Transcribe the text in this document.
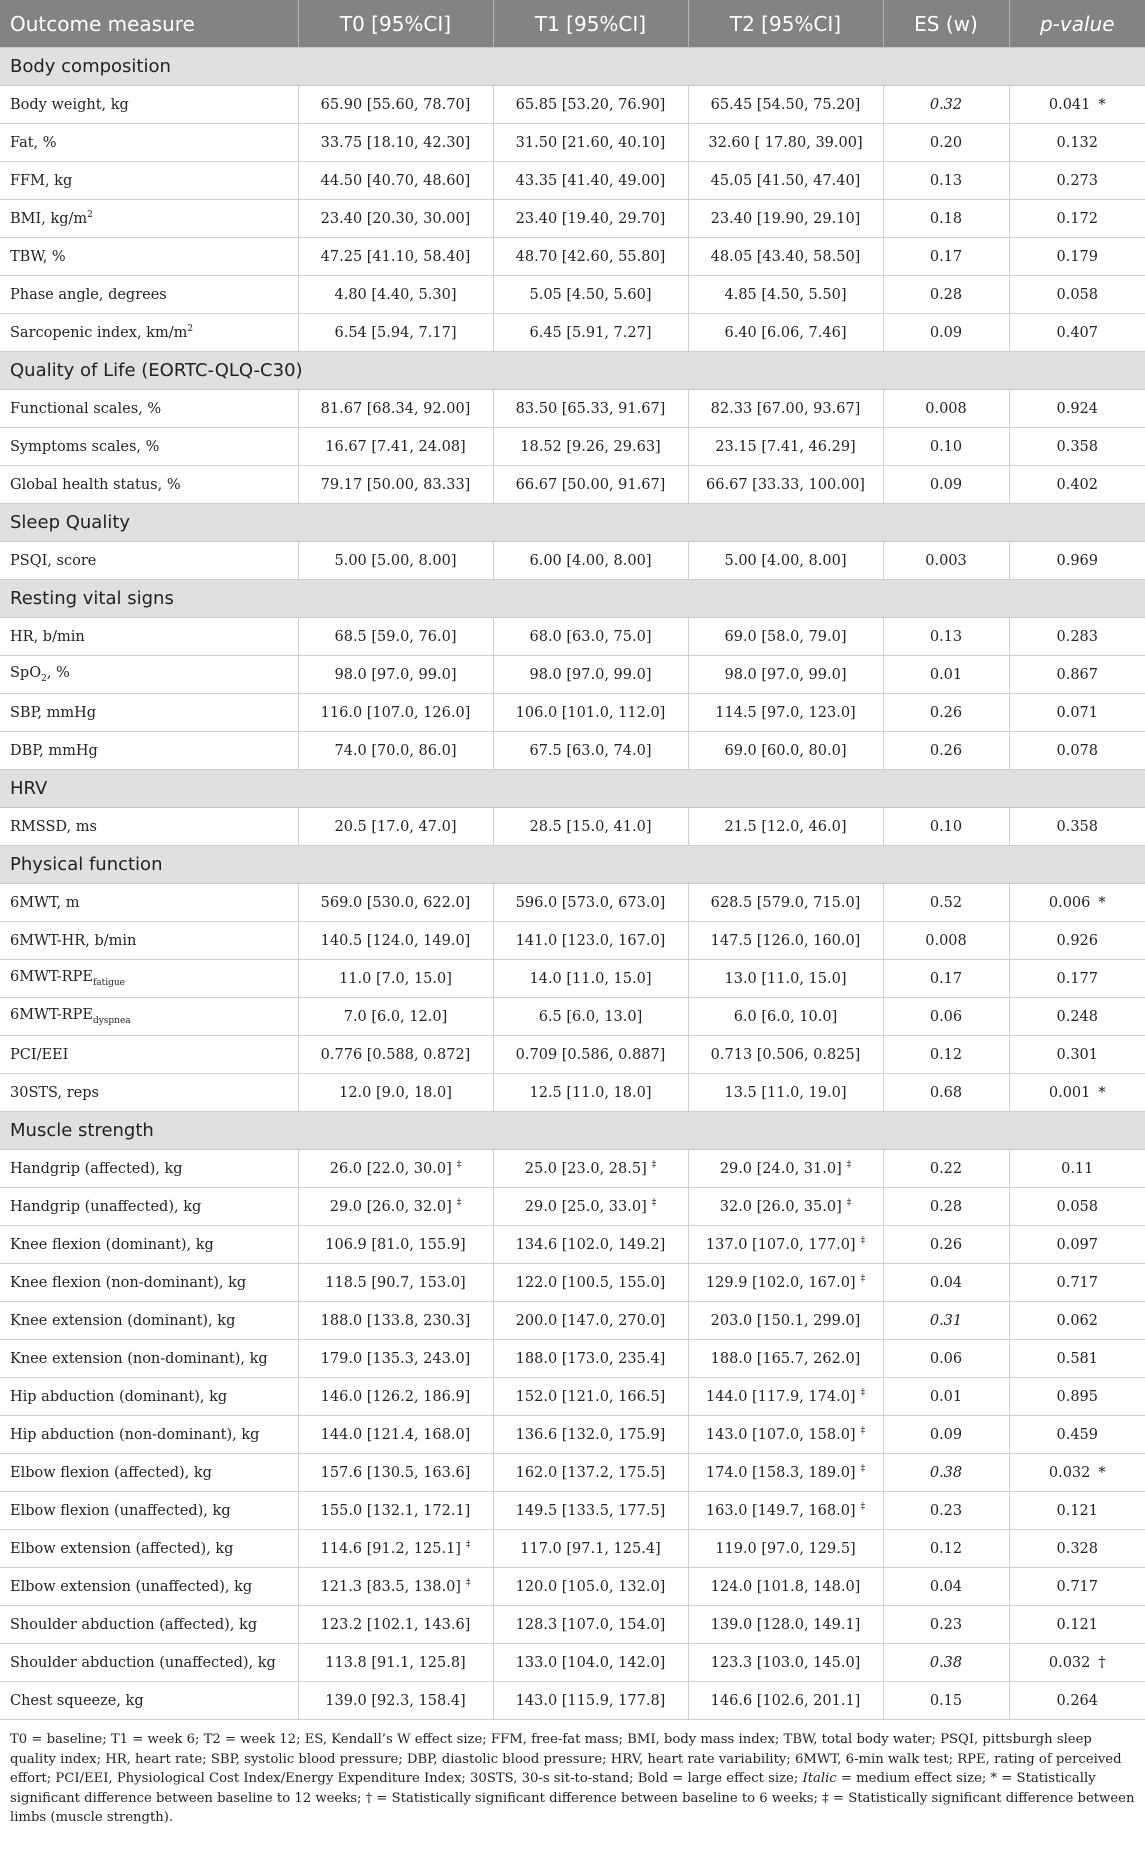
Outcome measure	T0 [95%CI]	T1 [95%CI]	T2 [95%CI]	ES (w)	p-value
Body composition					
Body weight, kg	65.90 [55.60, 78.70]	65.85 [53.20, 76.90]	65.45 [54.50, 75.20]	0.32	0.041 *
Fat, %	33.75 [18.10, 42.30]	31.50 [21.60, 40.10]	32.60 [ 17.80, 39.00]	0.20	0.132
FFM, kg	44.50 [40.70, 48.60]	43.35 [41.40, 49.00]	45.05 [41.50, 47.40]	0.13	0.273
BMI, $kg/m^2$	23.40 [20.30, 30.00]	23.40 [19.40, 29.70]	23.40 [19.90, 29.10]	0.18	0.172
TBW, %	47.25 [41.10, 58.40]	48.70 [42.60, 55.80]	48.05 [43.40, 58.50]	0.17	0.179
Phase angle, degrees	4.80 [4.40, 5.30]	5.05 [4.50, 5.60]	4.85 [4.50, 5.50]	0.28	0.058
Sarcopenic index, $km/m^2$	6.54 [5.94, 7.17]	6.45 [5.91, 7.27]	6.40 [6.06, 7.46]	0.09	0.407
Quality of Life (EORTC-QLQ-C30)					
Functional scales, %	81.67 [68.34, 92.00]	83.50 [65.33, 91.67]	82.33 [67.00, 93.67]	0.008	0.924
Symptoms scales, %	16.67 [7.41, 24.08]	18.52 [9.26, 29.63]	23.15 [7.41, 46.29]	0.10	0.358
Global health status, %	79.17 [50.00, 83.33]	66.67 [50.00, 91.67]	66.67 [33.33, 100.00]	0.09	0.402
Sleep Quality					
PSQI, score	5.00 [5.00, 8.00]	6.00 [4.00, 8.00]	5.00 [4.00, 8.00]	0.003	0.969
Resting vital signs					
HR, b/min	68.5 [59.0, 76.0]	68.0 [63.0, 75.0]	69.0 [58.0, 79.0]	0.13	0.283
SpO$_2$, %	98.0 [97.0, 99.0]	98.0 [97.0, 99.0]	98.0 [97.0, 99.0]	0.01	0.867
SBP, mmHg	116.0 [107.0, 126.0]	106.0 [101.0, 112.0]	114.5 [97.0, 123.0]	0.26	0.071
DBP, mmHg	74.0 [70.0, 86.0]	67.5 [63.0, 74.0]	69.0 [60.0, 80.0]	0.26	0.078
HRV					
RMSSD, ms	20.5 [17.0, 47.0]	28.5 [15.0, 41.0]	21.5 [12.0, 46.0]	0.10	0.358
Physical function					
6MWT, m	569.0 [530.0, 622.0]	596.0 [573.0, 673.0]	628.5 [579.0, 715.0]	0.52	0.006 *
6MWT-HR, b/min	140.5 [124.0, 149.0]	141.0 [123.0, 167.0]	147.5 [126.0, 160.0]	0.008	0.926
$6MWT-RPE_{fatigue}$	11.0 [7.0, 15.0]	14.0 [11.0, 15.0]	13.0 [11.0, 15.0]	0.17	0.177
$6MWT-RPE_{dyspnea}$	7.0 [6.0, 12.0]	6.5 [6.0, 13.0]	6.0 [6.0, 10.0]	0.06	0.248
PCI/EEI	0.776 [0.588, 0.872]	0.709 [0.586, 0.887]	0.713 [0.506, 0.825]	0.12	0.301
30STS, reps	12.0 [9.0, 18.0]	12.5 [11.0, 18.0]	13.5 [11.0, 19.0]	0.68	0.001 *
Muscle strength					
Handgrip (affected), kg	26.0 [22.0, 30.0] ‡	25.0 [23.0, 28.5] ‡	29.0 [24.0, 31.0] ‡	0.22	0.11
Handgrip (unaffected), kg	29.0 [26.0, 32.0] ‡	29.0 [25.0, 33.0] ‡	32.0 [26.0, 35.0] ‡	0.28	0.058
Knee flexion (dominant), kg	106.9 [81.0, 155.9]	134.6 [102.0, 149.2]	137.0 [107.0, 177.0] ‡	0.26	0.097
Knee flexion (non-dominant), kg	118.5 [90.7, 153.0]	122.0 [100.5, 155.0]	129.9 [102.0, 167.0] ‡	0.04	0.717
Knee extension (dominant), kg	188.0 [133.8, 230.3]	200.0 [147.0, 270.0]	203.0 [150.1, 299.0]	0.31	0.062
Knee extension (non-dominant), kg	179.0 [135.3, 243.0]	188.0 [173.0, 235.4]	188.0 [165.7, 262.0]	0.06	0.581
Hip abduction (dominant), kg	146.0 [126.2, 186.9]	152.0 [121.0, 166.5]	144.0 [117.9, 174.0] ‡	0.01	0.895
Hip abduction (non-dominant), kg	144.0 [121.4, 168.0]	136.6 [132.0, 175.9]	143.0 [107.0, 158.0] ‡	0.09	0.459
Elbow flexion (affected), kg	157.6 [130.5, 163.6]	162.0 [137.2, 175.5]	174.0 [158.3, 189.0] ‡	0.38	0.032 *
Elbow flexion (unaffected), kg	155.0 [132.1, 172.1]	149.5 [133.5, 177.5]	163.0 [149.7, 168.0] ‡	0.23	0.121
Elbow extension (affected), kg	114.6 [91.2, 125.1] ‡	117.0 [97.1, 125.4]	119.0 [97.0, 129.5]	0.12	0.328
Elbow extension (unaffected), kg	121.3 [83.5, 138.0] ‡	120.0 [105.0, 132.0]	124.0 [101.8, 148.0]	0.04	0.717
Shoulder abduction (affected), kg	123.2 [102.1, 143.6]	128.3 [107.0, 154.0]	139.0 [128.0, 149.1]	0.23	0.121
Shoulder abduction (unaffected), kg	113.8 [91.1, 125.8]	133.0 [104.0, 142.0]	123.3 [103.0, 145.0]	0.38	0.032 †
Chest squeeze, kg	139.0 [92.3, 158.4]	143.0 [115.9, 177.8]	146.6 [102.6, 201.1]	0.15	0.264
T0 = baseline; T1 = week 6; T2 = week 12; ES, Kendall’s W effect size; FFM, free-fat mass; BMI, body mass index; TBW, total body water; PSQI, pittsburgh sleep quality index; HR, heart rate; SBP, systolic blood pressure; DBP, diastolic blood pressure; HRV, heart rate variability; 6MWT, 6-min walk test; RPE, rating of perceived effort; PCI/EEI, Physiological Cost Index/Energy Expenditure Index; 30STS, 30-s sit-to-stand; Bold = large effect size; Italic = medium effect size; * = Statistically significant difference between baseline to 12 weeks; † = Statistically significant difference between baseline to 6 weeks; ‡ = Statistically significant difference between limbs (muscle strength).
